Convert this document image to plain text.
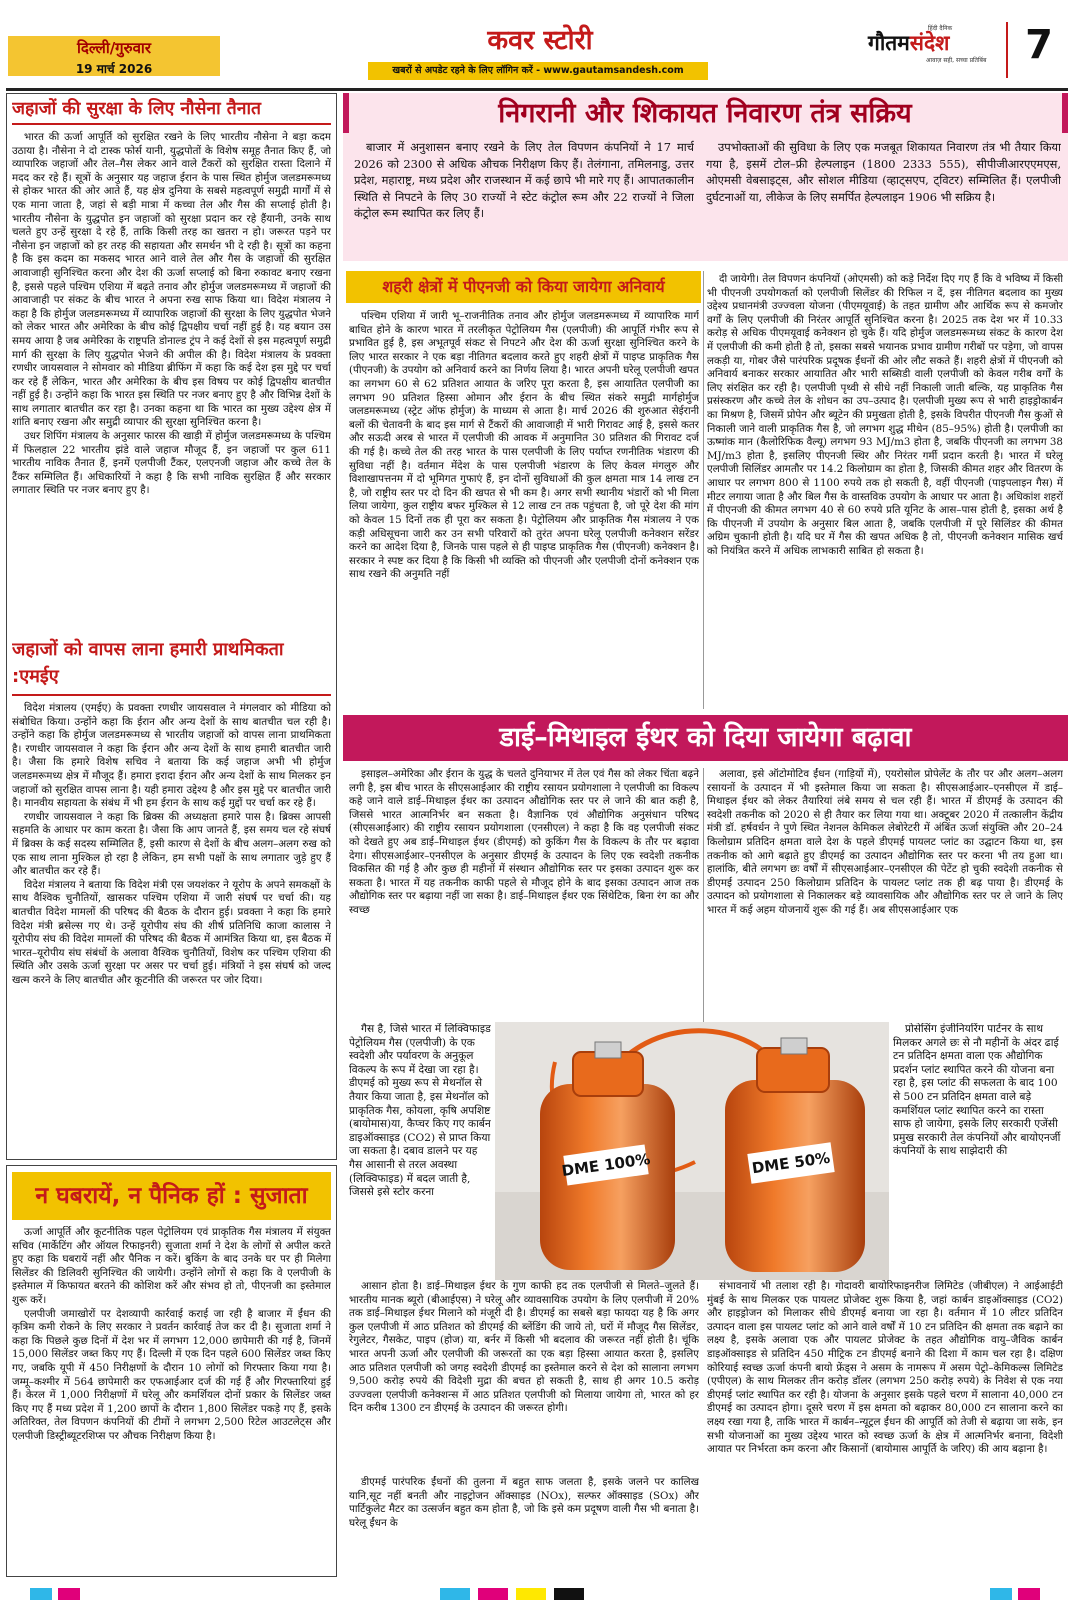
दिल्ली/गुरुवार
19 मार्च 2026
कवर स्टोरी
खबरों से अपडेट रहने के लिए लॉगिन करें - www.gautamsandesh.com
हिंदी दैनिक
गौतमसंदेश
आवाज़ सही, सच्चा प्रतिबिंब 7
जहाजों की सुरक्षा के लिए नौसेना तैनात

भारत की ऊर्जा आपूर्ति को सुरक्षित रखने के लिए भारतीय नौसेना ने बड़ा कदम उठाया है। नौसेना ने दो टास्क फोर्स यानी, युद्धपोतों के विशेष समूह तैनात किए हैं, जो व्यापारिक जहाजों और तेल–गैस लेकर आने वाले टैंकरों को सुरक्षित रास्ता दिलाने में मदद कर रहे हैं। सूत्रों के अनुसार यह जहाज ईरान के पास स्थित होर्मुज जलडमरूमध्य से होकर भारत की ओर आते हैं, यह क्षेत्र दुनिया के सबसे महत्वपूर्ण समुद्री मार्गों में से एक माना जाता है, जहां से बड़ी मात्रा में कच्चा तेल और गैस की सप्लाई होती है। भारतीय नौसेना के युद्धपोत इन जहाजों को सुरक्षा प्रदान कर रहे हैंयानी, उनके साथ चलते हुए उन्हें सुरक्षा दे रहे हैं, ताकि किसी तरह का खतरा न हो। जरूरत पड़ने पर नौसेना इन जहाजों को हर तरह की सहायता और समर्थन भी दे रही है। सूत्रों का कहना है कि इस कदम का मकसद भारत आने वाले तेल और गैस के जहाजों की सुरक्षित आवाजाही सुनिश्चित करना और देश की ऊर्जा सप्लाई को बिना रुकावट बनाए रखना है, इससे पहले पश्चिम एशिया में बढ़ते तनाव और होर्मुज जलडमरूमध्य में जहाजों की आवाजाही पर संकट के बीच भारत ने अपना रुख साफ किया था। विदेश मंत्रालय ने कहा है कि होर्मुज जलडमरूमध्य में व्यापारिक जहाजों की सुरक्षा के लिए युद्धपोत भेजने को लेकर भारत और अमेरिका के बीच कोई द्विपक्षीय चर्चा नहीं हुई है। यह बयान उस समय आया है जब अमेरिका के राष्ट्रपति डोनाल्ड ट्रंप ने कई देशों से इस महत्वपूर्ण समुद्री मार्ग की सुरक्षा के लिए युद्धपोत भेजने की अपील की है। विदेश मंत्रालय के प्रवक्ता रणधीर जायसवाल ने सोमवार को मीडिया ब्रीफिंग में कहा कि कई देश इस मुद्दे पर चर्चा कर रहे हैं लेकिन, भारत और अमेरिका के बीच इस विषय पर कोई द्विपक्षीय बातचीत नहीं हुई है। उन्होंने कहा कि भारत इस स्थिति पर नजर बनाए हुए है और विभिन्न देशों के साथ लगातार बातचीत कर रहा है। उनका कहना था कि भारत का मुख्य उद्देश्य क्षेत्र में शांति बनाए रखना और समुद्री व्यापार की सुरक्षा सुनिश्चित करना है।

उधर शिपिंग मंत्रालय के अनुसार फारस की खाड़ी में होर्मुज जलडमरूमध्य के पश्चिम में फिलहाल 22 भारतीय झंडे वाले जहाज मौजूद हैं, इन जहाजों पर कुल 611 भारतीय नाविक तैनात हैं, इनमें एलपीजी टैंकर, एलएनजी जहाज और कच्चे तेल के टैंकर सम्मिलित हैं। अधिकारियों ने कहा है कि सभी नाविक सुरक्षित हैं और सरकार लगातार स्थिति पर नजर बनाए हुए है।

जहाजों को वापस लाना हमारी प्राथमिकता :एमईए

विदेश मंत्रालय (एमईए) के प्रवक्ता रणधीर जायसवाल ने मंगलवार को मीडिया को संबोधित किया। उन्होंने कहा कि ईरान और अन्य देशों के साथ बातचीत चल रही है। उन्होंने कहा कि होर्मुज जलडमरूमध्य से भारतीय जहाजों को वापस लाना प्राथमिकता है। रणधीर जायसवाल ने कहा कि ईरान और अन्य देशों के साथ हमारी बातचीत जारी है। जैसा कि हमारे विशेष सचिव ने बताया कि कई जहाज अभी भी होर्मुज जलडमरूमध्य क्षेत्र में मौजूद हैं। हमारा इरादा ईरान और अन्य देशों के साथ मिलकर इन जहाजों को सुरक्षित वापस लाना है। यही हमारा उद्देश्य है और इस मुद्दे पर बातचीत जारी है। मानवीय सहायता के संबंध में भी हम ईरान के साथ कई मुद्दों पर चर्चा कर रहे हैं।

रणधीर जायसवाल ने कहा कि ब्रिक्स की अध्यक्षता हमारे पास है। ब्रिक्स आपसी सहमति के आधार पर काम करता है। जैसा कि आप जानते हैं, इस समय चल रहे संघर्ष में ब्रिक्स के कई सदस्य सम्मिलित हैं, इसी कारण से देशों के बीच अलग–अलग रुख को एक साथ लाना मुश्किल हो रहा है लेकिन, हम सभी पक्षों के साथ लगातार जुड़े हुए हैं और बातचीत कर रहे हैं।

विदेश मंत्रालय ने बताया कि विदेश मंत्री एस जयशंकर ने यूरोप के अपने समकक्षों के साथ वैश्विक चुनौतियों, खासकर पश्चिम एशिया में जारी संघर्ष पर चर्चा की। यह बातचीत विदेश मामलों की परिषद की बैठक के दौरान हुई। प्रवक्ता ने कहा कि हमारे विदेश मंत्री ब्रसेल्स गए थे। उन्हें यूरोपीय संघ की शीर्ष प्रतिनिधि काजा कालास ने यूरोपीय संघ की विदेश मामलों की परिषद की बैठक में आमंत्रित किया था, इस बैठक में भारत–यूरोपीय संघ संबंधों के अलावा वैश्विक चुनौतियों, विशेष कर पश्चिम एशिया की स्थिति और उसके ऊर्जा सुरक्षा पर असर पर चर्चा हुई। मंत्रियों ने इस संघर्ष को जल्द खत्म करने के लिए बातचीत और कूटनीति की जरूरत पर जोर दिया।

न घबरायें, न पैनिक हों : सुजाता

ऊर्जा आपूर्ति और कूटनीतिक पहल पेट्रोलियम एवं प्राकृतिक गैस मंत्रालय में संयुक्त सचिव (मार्केटिंग और ऑयल रिफाइनरी) सुजाता शर्मा ने देश के लोगों से अपील करते हुए कहा कि घबरायें नहीं और पैनिक न करें। बुकिंग के बाद उनके घर पर ही मिलेगा सिलेंडर की डिलिवरी सुनिश्चित की जायेगी। उन्होंने लोगों से कहा कि वे एलपीजी के इस्तेमाल में किफायत बरतने की कोशिश करें और संभव हो तो, पीएनजी का इस्तेमाल शुरू करें।

एलपीजी जमाखोरों पर देशव्यापी कार्रवाई कराई जा रही है बाजार में ईंधन की कृत्रिम कमी रोकने के लिए सरकार ने प्रवर्तन कार्रवाई तेज कर दी है। सुजाता शर्मा ने कहा कि पिछले कुछ दिनों में देश भर में लगभग 12,000 छापेमारी की गई है, जिनमें 15,000 सिलेंडर जब्त किए गए हैं। दिल्ली में एक दिन पहले 600 सिलेंडर जब्त किए गए, जबकि यूपी में 450 निरीक्षणों के दौरान 10 लोगों को गिरफ्तार किया गया है। जम्मू–कश्मीर में 564 छापेमारी कर एफआईआर दर्ज की गई हैं और गिरफ्तारियां हुई हैं। केरल में 1,000 निरीक्षणों में घरेलू और कमर्शियल दोनों प्रकार के सिलेंडर जब्त किए गए हैं मध्य प्रदेश में 1,200 छापों के दौरान 1,800 सिलेंडर पकड़े गए हैं, इसके अतिरिक्त, तेल विपणन कंपनियों की टीमों ने लगभग 2,500 रिटेल आउटलेट्स और एलपीजी डिस्ट्रीब्यूटरशिप्स पर औचक निरीक्षण किया है।

निगरानी और शिकायत निवारण तंत्र सक्रिय

बाजार में अनुशासन बनाए रखने के लिए तेल विपणन कंपनियों ने 17 मार्च 2026 को 2300 से अधिक औचक निरीक्षण किए हैं। तेलंगाना, तमिलनाडु, उत्तर प्रदेश, महाराष्ट्र, मध्य प्रदेश और राजस्थान में कई छापे भी मारे गए हैं। आपातकालीन स्थिति से निपटने के लिए 30 राज्यों ने स्टेट कंट्रोल रूम और 22 राज्यों ने जिला कंट्रोल रूम स्थापित कर लिए हैं।

उपभोक्ताओं की सुविधा के लिए एक मजबूत शिकायत निवारण तंत्र भी तैयार किया गया है, इसमें टोल–फ्री हेल्पलाइन (1800 2333 555), सीपीजीआरएएमएस, ओएमसी वेबसाइट्स, और सोशल मीडिया (व्हाट्सएप, ट्विटर) सम्मिलित हैं। एलपीजी दुर्घटनाओं या, लीकेज के लिए समर्पित हेल्पलाइन 1906 भी सक्रिय है।

शहरी क्षेत्रों में पीएनजी को किया जायेगा अनिवार्य

पश्चिम एशिया में जारी भू–राजनीतिक तनाव और होर्मुज जलडमरूमध्य में व्यापारिक मार्ग बाधित होने के कारण भारत में तरलीकृत पेट्रोलियम गैस (एलपीजी) की आपूर्ति गंभीर रूप से प्रभावित हुई है, इस अभूतपूर्व संकट से निपटने और देश की ऊर्जा सुरक्षा सुनिश्चित करने के लिए भारत सरकार ने एक बड़ा नीतिगत बदलाव करते हुए शहरी क्षेत्रों में पाइप्ड प्राकृतिक गैस (पीएनजी) के उपयोग को अनिवार्य करने का निर्णय लिया है। भारत अपनी घरेलू एलपीजी खपत का लगभग 60 से 62 प्रतिशत आयात के जरिए पूरा करता है, इस आयातित एलपीजी का लगभग 90 प्रतिशत हिस्सा ओमान और ईरान के बीच स्थित संकरे समुद्री मार्गहोर्मुज जलडमरूमध्य (स्ट्रेट ऑफ होर्मुज) के माध्यम से आता है। मार्च 2026 की शुरुआत सेईरानी बलों की चेतावनी के बाद इस मार्ग से टैंकरों की आवाजाही में भारी गिरावट आई है, इससे कतर और सऊदी अरब से भारत में एलपीजी की आवक में अनुमानित 30 प्रतिशत की गिरावट दर्ज की गई है। कच्चे तेल की तरह भारत के पास एलपीजी के लिए पर्याप्त रणनीतिक भंडारण की सुविधा नहीं है। वर्तमान मेंदेश के पास एलपीजी भंडारण के लिए केवल मंगलुरु और विशाखापत्तनम में दो भूमिगत गुफाएं हैं, इन दोनों सुविधाओं की कुल क्षमता मात्र 14 लाख टन है, जो राष्ट्रीय स्तर पर दो दिन की खपत से भी कम है। अगर सभी स्थानीय भंडारों को भी मिला लिया जायेगा, कुल राष्ट्रीय बफर मुश्किल से 12 लाख टन तक पहुंचता है, जो पूरे देश की मांग को केवल 15 दिनों तक ही पूरा कर सकता है। पेट्रोलियम और प्राकृतिक गैस मंत्रालय ने एक कड़ी अधिसूचना जारी कर उन सभी परिवारों को तुरंत अपना घरेलू एलपीजी कनेक्शन सरेंडर करने का आदेश दिया है, जिनके पास पहले से ही पाइप्ड प्राकृतिक गैस (पीएनजी) कनेक्शन है। सरकार ने स्पष्ट कर दिया है कि किसी भी व्यक्ति को पीएनजी और एलपीजी दोनों कनेक्शन एक साथ रखने की अनुमति नहीं

दी जायेगी। तेल विपणन कंपनियों (ओएमसी) को कड़े निर्देश दिए गए हैं कि वे भविष्य में किसी भी पीएनजी उपयोगकर्ता को एलपीजी सिलेंडर की रिफिल न दें, इस नीतिगत बदलाव का मुख्य उद्देश्य प्रधानमंत्री उज्ज्वला योजना (पीएमयूवाई) के तहत ग्रामीण और आर्थिक रूप से कमजोर वर्गों के लिए एलपीजी की निरंतर आपूर्ति सुनिश्चित करना है। 2025 तक देश भर में 10.33 करोड़ से अधिक पीएमयूवाई कनेक्शन हो चुके हैं। यदि होर्मुज जलडमरूमध्य संकट के कारण देश में एलपीजी की कमी होती है तो, इसका सबसे भयानक प्रभाव ग्रामीण गरीबों पर पड़ेगा, जो वापस लकड़ी या, गोबर जैसे पारंपरिक प्रदूषक ईंधनों की ओर लौट सकते हैं। शहरी क्षेत्रों में पीएनजी को अनिवार्य बनाकर सरकार आयातित और भारी सब्सिडी वाली एलपीजी को केवल गरीब वर्गों के लिए संरक्षित कर रही है। एलपीजी पृथ्वी से सीधे नहीं निकाली जाती बल्कि, यह प्राकृतिक गैस प्रसंस्करण और कच्चे तेल के शोधन का उप–उत्पाद है। एलपीजी मुख्य रूप से भारी हाइड्रोकार्बन का मिश्रण है, जिसमें प्रोपेन और ब्यूटेन की प्रमुखता होती है, इसके विपरीत पीएनजी गैस कुओं से निकाली जाने वाली प्राकृतिक गैस है, जो लगभग शुद्ध मीथेन (85–95%) होती है। एलपीजी का ऊष्मांक मान (कैलोरिफिक वैल्यू) लगभग 93 MJ/m3 होता है, जबकि पीएनजी का लगभग 38 MJ/m3 होता है, इसलिए पीएनजी स्थिर और निरंतर गर्मी प्रदान करती है। भारत में घरेलू एलपीजी सिलिंडर आमतौर पर 14.2 किलोग्राम का होता है, जिसकी कीमत शहर और वितरण के आधार पर लगभग 800 से 1100 रुपये तक हो सकती है, वहीं पीएनजी (पाइपलाइन गैस) में मीटर लगाया जाता है और बिल गैस के वास्तविक उपयोग के आधार पर आता है। अधिकांश शहरों में पीएनजी की कीमत लगभग 40 से 60 रुपये प्रति यूनिट के आस–पास होती है, इसका अर्थ है कि पीएनजी में उपयोग के अनुसार बिल आता है, जबकि एलपीजी में पूरे सिलिंडर की कीमत अग्रिम चुकानी होती है। यदि घर में गैस की खपत अधिक है तो, पीएनजी कनेक्शन मासिक खर्च को नियंत्रित करने में अधिक लाभकारी साबित हो सकता है।

डाई–मिथाइल ईथर को दिया जायेगा बढ़ावा

इसाइल–अमेरिका और ईरान के युद्ध के चलते दुनियाभर में तेल एवं गैस को लेकर चिंता बढ़ने लगी है, इस बीच भारत के सीएसआईआर की राष्ट्रीय रसायन प्रयोगशाला ने एलपीजी का विकल्प कहे जाने वाले डाई–मिथाइल ईथर का उत्पादन औद्योगिक स्तर पर ले जाने की बात कही है, जिससे भारत आत्मनिर्भर बन सकता है। वैज्ञानिक एवं औद्योगिक अनुसंधान परिषद (सीएसआईआर) की राष्ट्रीय रसायन प्रयोगशाला (एनसीएल) ने कहा है कि वह एलपीजी संकट को देखते हुए अब डाई–मिथाइल ईथर (डीएमई) को कुकिंग गैस के विकल्प के तौर पर बढ़ावा देगा। सीएसआईआर–एनसीएल के अनुसार डीएमई के उत्पादन के लिए एक स्वदेशी तकनीक विकसित की गई है और कुछ ही महीनों में संस्थान औद्योगिक स्तर पर इसका उत्पादन शुरू कर सकता है। भारत में यह तकनीक काफी पहले से मौजूद होने के बाद इसका उत्पादन आज तक औद्योगिक स्तर पर बढ़ाया नहीं जा सका है। डाई–मिथाइल ईथर एक सिंथेटिक, बिना रंग का और स्वच्छ

गैस है, जिसे भारत में लिक्विफाइड पेट्रोलियम गैस (एलपीजी) के एक स्वदेशी और पर्यावरण के अनुकूल विकल्प के रूप में देखा जा रहा है। डीएमई को मुख्य रूप से मेथनॉल से तैयार किया जाता है, इस मेथनॉल को प्राकृतिक गैस, कोयला, कृषि अपशिष्ट (बायोमास)या, कैप्चर किए गए कार्बन डाइऑक्साइड (CO2) से प्राप्त किया जा सकता है। दबाव डालने पर यह गैस आसानी से तरल अवस्था (लिक्विफाइड) में बदल जाती है, जिससे इसे स्टोर करना

आसान होता है। डाई–मिथाइल ईथर के गुण काफी हद तक एलपीजी से मिलते–जुलते हैं। भारतीय मानक ब्यूरो (बीआईएस) ने घरेलू और व्यावसायिक उपयोग के लिए एलपीजी में 20% तक डाई–मिथाइल ईथर मिलाने को मंजूरी दी है। डीएमई का सबसे बड़ा फायदा यह है कि अगर कुल एलपीजी में आठ प्रतिशत को डीएमई की ब्लेंडिंग की जाये तो, घरों में मौजूद गैस सिलेंडर, रेगुलेटर, गैसकेट, पाइप (होज) या, बर्नर में किसी भी बदलाव की जरूरत नहीं होती है। चूंकि भारत अपनी ऊर्जा और एलपीजी की जरूरतों का एक बड़ा हिस्सा आयात करता है, इसलिए आठ प्रतिशत एलपीजी को जगह स्वदेशी डीएमई का इस्तेमाल करने से देश को सालाना लगभग 9,500 करोड़ रुपये की विदेशी मुद्रा की बचत हो सकती है, साथ ही अगर 10.5 करोड़ उज्ज्वला एलपीजी कनेक्शन्स में आठ प्रतिशत एलपीजी को मिलाया जायेगा तो, भारत को हर दिन करीब 1300 टन डीएमई के उत्पादन की जरूरत होगी।

डीएमई पारंपरिक ईंधनों की तुलना में बहुत साफ जलता है, इसके जलने पर कालिख यानि,सूट नहीं बनती और नाइट्रोजन ऑक्साइड (NOx), सल्फर ऑक्साइड (SOx) और पार्टिकुलेट मैटर का उत्सर्जन बहुत कम होता है, जो कि इसे कम प्रदूषण वाली गैस भी बनाता है। घरेलू ईंधन के

अलावा, इसे ऑटोमोटिव ईंधन (गाड़ियों में), एयरोसोल प्रोपेलेंट के तौर पर और अलग–अलग रसायनों के उत्पादन में भी इस्तेमाल किया जा सकता है। सीएसआईआर–एनसीएल में डाई–मिथाइल ईथर को लेकर तैयारियां लंबे समय से चल रही हैं। भारत में डीएमई के उत्पादन की स्वदेशी तकनीक को 2020 से ही तैयार कर लिया गया था। अक्टूबर 2020 में तत्कालीन केंद्रीय मंत्री डॉ. हर्षवर्धन ने पुणे स्थित नेशनल केमिकल लेबोरेटरी में अंबिंत ऊर्जा संयुक्ति और 20–24 किलोग्राम प्रतिदिन क्षमता वाले देश के पहले डीएमई पायलट प्लांट का उद्घाटन किया था, इस तकनीक को आगे बढ़ाते हुए डीएमई का उत्पादन औद्योगिक स्तर पर करना भी तय हुआ था। हालांकि, बीते लगभग छः वर्षों में सीएसआईआर–एनसीएल की पेटेंट हो चुकी स्वदेशी तकनीक से डीएमई उत्पादन 250 किलोग्राम प्रतिदिन के पायलट प्लांट तक ही बढ़ पाया है। डीएमई के उत्पादन को प्रयोगशाला से निकालकर बड़े व्यावसायिक और औद्योगिक स्तर पर ले जाने के लिए भारत में कई अहम योजनायें शुरू की गई हैं। अब सीएसआईआर एक

प्रोसेसिंग इंजीनियरिंग पार्टनर के साथ मिलकर अगले छः से नौ महीनों के अंदर ढाई टन प्रतिदिन क्षमता वाला एक औद्योगिक प्रदर्शन प्लांट स्थापित करने की योजना बना रहा है, इस प्लांट की सफलता के बाद 100 से 500 टन प्रतिदिन क्षमता वाले बड़े कमर्शियल प्लांट स्थापित करने का रास्ता साफ हो जायेगा, इसके लिए सरकारी एजेंसी प्रमुख सरकारी तेल कंपनियों और बायोएनर्जी कंपनियों के साथ साझेदारी की

संभावनायें भी तलाश रही है। गोदावरी बायोरिफाइनरीज लिमिटेड (जीबीएल) ने आईआईटी मुंबई के साथ मिलकर एक पायलट प्रोजेक्ट शुरू किया है, जहां कार्बन डाइऑक्साइड (CO2) और हाइड्रोजन को मिलाकर सीधे डीएमई बनाया जा रहा है। वर्तमान में 10 लीटर प्रतिदिन उत्पादन वाला इस पायलट प्लांट को आने वाले वर्षों में 10 टन प्रतिदिन की क्षमता तक बढ़ाने का लक्ष्य है, इसके अलावा एक और पायलट प्रोजेक्ट के तहत औद्योगिक वायु–जैविक कार्बन डाइऑक्साइड से प्रतिदिन 450 मीट्रिक टन डीएमई बनाने की दिशा में काम चल रहा है। दक्षिण कोरियाई स्वच्छ ऊर्जा कंपनी बायो फ्रेंड्स ने असम के नामरूप में असम पेट्रो–केमिकल्स लिमिटेड (एपीएल) के साथ मिलकर तीन करोड़ डॉलर (लगभग 250 करोड़ रुपये) के निवेश से एक नया डीएमई प्लांट स्थापित कर रही है। योजना के अनुसार इसके पहले चरण में सालाना 40,000 टन डीएमई का उत्पादन होगा। दूसरे चरण में इस क्षमता को बढ़ाकर 80,000 टन सालाना करने का लक्ष्य रखा गया है, ताकि भारत में कार्बन–न्यूट्रल ईंधन की आपूर्ति को तेजी से बढ़ाया जा सके, इन सभी योजनाओं का मुख्य उद्देश्य भारत को स्वच्छ ऊर्जा के क्षेत्र में आत्मनिर्भर बनाना, विदेशी आयात पर निर्भरता कम करना और किसानों (बायोमास आपूर्ति के जरिए) की आय बढ़ाना है।

DME 100%	DME 50%
